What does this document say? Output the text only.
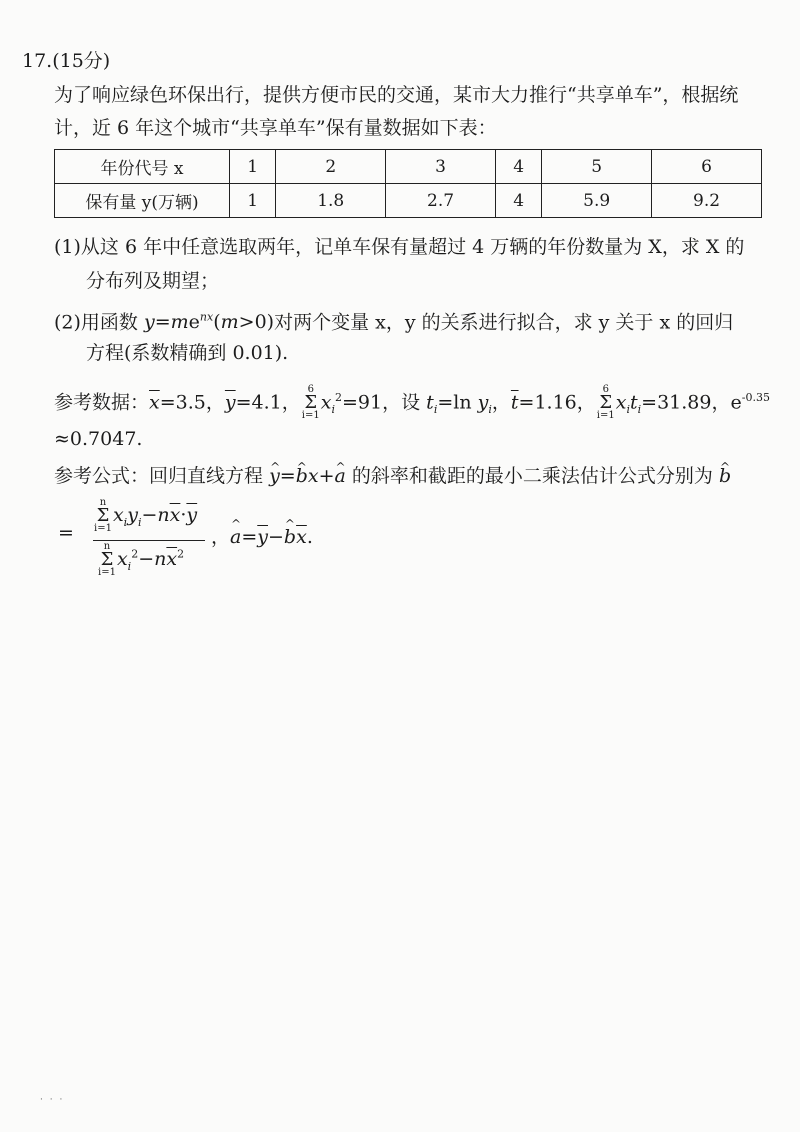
17.(15分)
为了响应绿色环保出行，提供方便市民的交通，某市大力推行“共享单车”，根据统
计，近 6 年这个城市“共享单车”保有量数据如下表：
年份代号 x	1	2	3	4	5	6
保有量 y(万辆)	1	1.8	2.7	4	5.9	9.2
(1)从这 6 年中任意选取两年，记单车保有量超过 4 万辆的年份数量为 X，求 X 的
分布列及期望；
(2)用函数 $y=me^{nx}(m>0)$对两个变量 x，y 的关系进行拟合，求 y 关于 x 的回归
方程(系数精确到 0.01).
参考数据：$\overline{x}=3.5$，$\overline{y}=4.1$，6
Σ
$i=1x_i^2=91$，设 $t_i=\ln$ $y_i$，$\overline{t}=1.16$，6
Σ
$i=1x_it_i=31.89$，$e^{-0.35}$
≈0.7047.
参考公式：回归直线方程 ^ y=^ bx+^ a 的斜率和截距的最小二乘法估计公式分别为 ^ b
=
n
Σ
$i=1x_iy_i-n\overline{x}\cdot\overline{y}$
n
Σ
$i=1x_i^2-n\overline{x}^2$
，^ $a=\overline{y}-\^{}$ $b\overline{x}$.
· · ·
